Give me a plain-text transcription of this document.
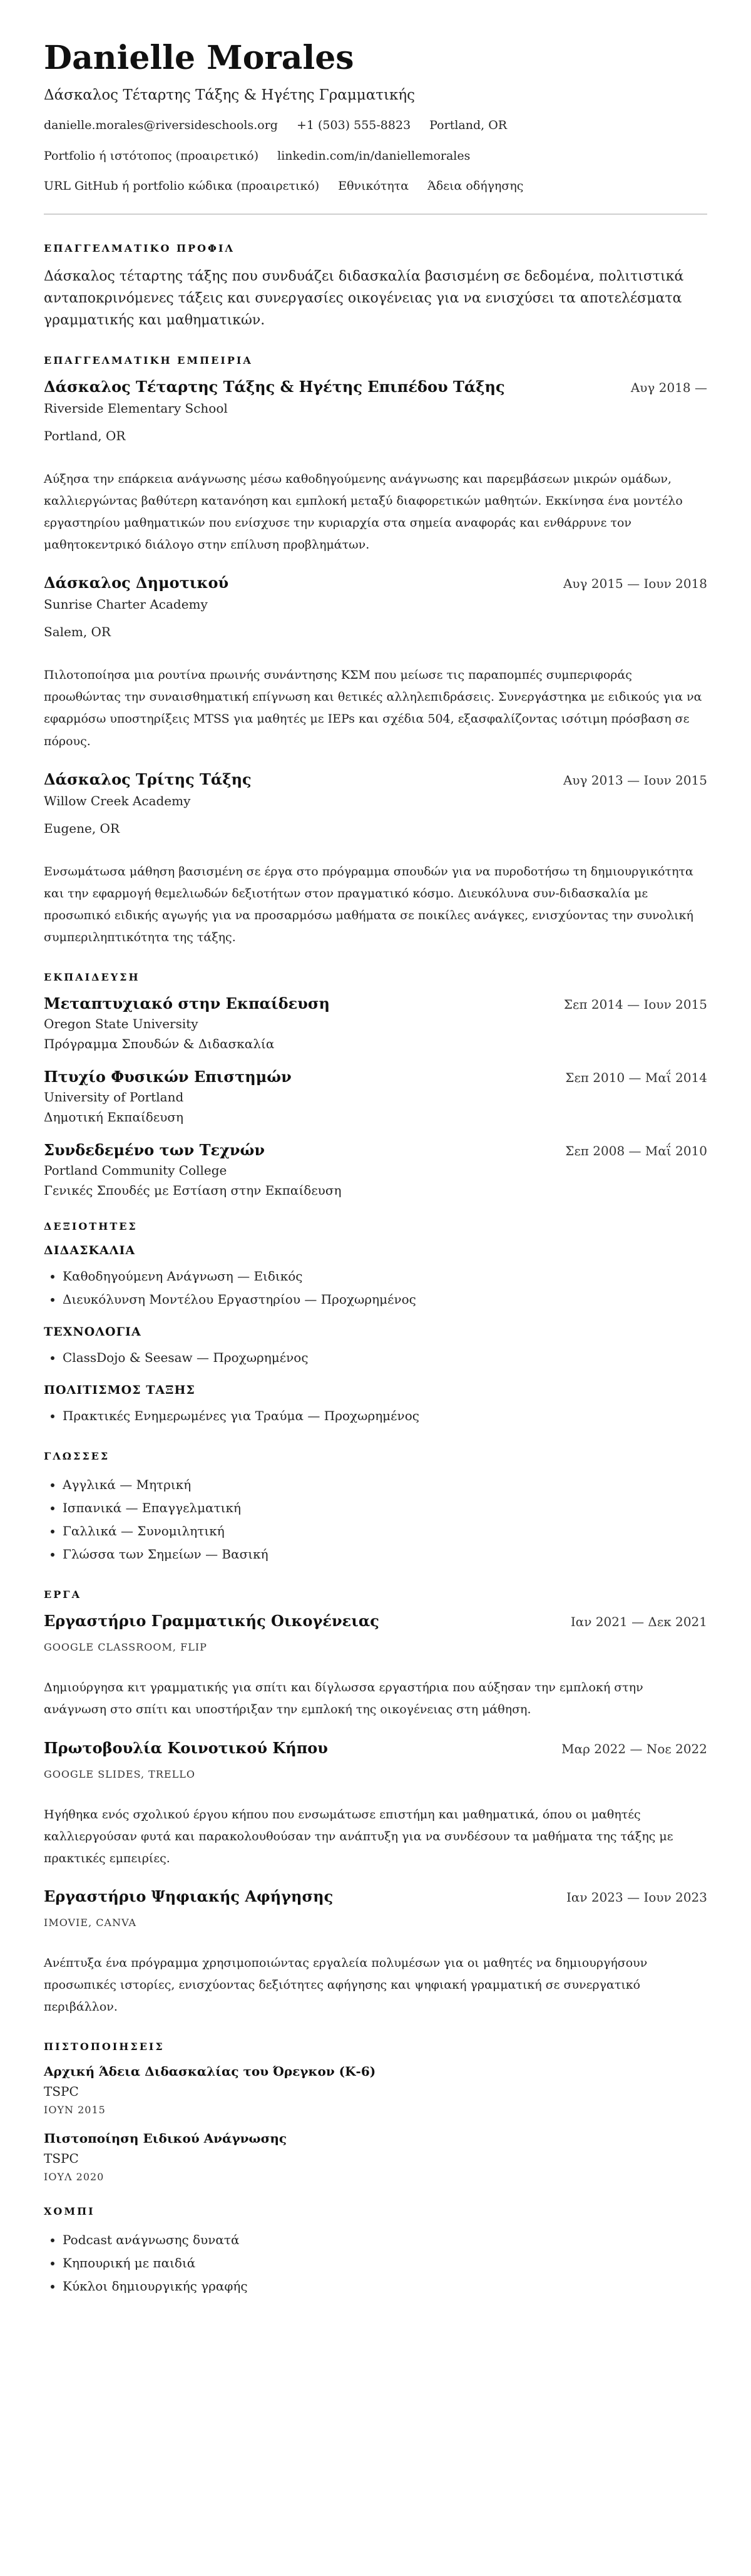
Danielle Morales
Δάσκαλος Τέταρτης Τάξης & Ηγέτης Γραμματικής
danielle.morales@riversideschools.org +1 (503) 555-8823 Portland, OR
Portfolio ή ιστότοπος (προαιρετικό) linkedin.com/in/daniellemorales
URL GitHub ή portfolio κώδικα (προαιρετικό) Εθνικότητα Άδεια οδήγησης
ΕΠΑΓΓΕΛΜΑΤΙΚΟ ΠΡΟΦΙΛ

Δάσκαλος τέταρτης τάξης που συνδυάζει διδασκαλία βασισμένη σε δεδομένα, πολιτιστικά ανταποκρινόμενες τάξεις και συνεργασίες οικογένειας για να ενισχύσει τα αποτελέσματα γραμματικής και μαθηματικών.

ΕΠΑΓΓΕΛΜΑΤΙΚΗ ΕΜΠΕΙΡΙΑ
Δάσκαλος Τέταρτης Τάξης & Ηγέτης Επιπέδου Τάξης	Αυγ 2018 —
Riverside Elementary School
Portland, OR

Αύξησα την επάρκεια ανάγνωσης μέσω καθοδηγούμενης ανάγνωσης και παρεμβάσεων μικρών ομάδων, καλλιεργώντας βαθύτερη κατανόηση και εμπλοκή μεταξύ διαφορετικών μαθητών. Εκκίνησα ένα μοντέλο εργαστηρίου μαθηματικών που ενίσχυσε την κυριαρχία στα σημεία αναφοράς και ενθάρρυνε τον μαθητοκεντρικό διάλογο στην επίλυση προβλημάτων.

Δάσκαλος Δημοτικού	Αυγ 2015 — Ιουν 2018
Sunrise Charter Academy
Salem, OR

Πιλοτοποίησα μια ρουτίνα πρωινής συνάντησης ΚΣΜ που μείωσε τις παραπομπές συμπεριφοράς προωθώντας την συναισθηματική επίγνωση και θετικές αλληλεπιδράσεις. Συνεργάστηκα με ειδικούς για να εφαρμόσω υποστηρίξεις MTSS για μαθητές με IEPs και σχέδια 504, εξασφαλίζοντας ισότιμη πρόσβαση σε πόρους.

Δάσκαλος Τρίτης Τάξης	Αυγ 2013 — Ιουν 2015
Willow Creek Academy
Eugene, OR

Ενσωμάτωσα μάθηση βασισμένη σε έργα στο πρόγραμμα σπουδών για να πυροδοτήσω τη δημιουργικότητα και την εφαρμογή θεμελιωδών δεξιοτήτων στον πραγματικό κόσμο. Διευκόλυνα συν-διδασκαλία με προσωπικό ειδικής αγωγής για να προσαρμόσω μαθήματα σε ποικίλες ανάγκες, ενισχύοντας την συνολική συμπεριληπτικότητα της τάξης.

ΕΚΠΑΙΔΕΥΣΗ
Μεταπτυχιακό στην Εκπαίδευση	Σεπ 2014 — Ιουν 2015
Oregon State University
Πρόγραμμα Σπουδών & Διδασκαλία
Πτυχίο Φυσικών Επιστημών	Σεπ 2010 — Μαΐ 2014
University of Portland
Δημοτική Εκπαίδευση
Συνδεδεμένο των Τεχνών	Σεπ 2008 — Μαΐ 2010
Portland Community College
Γενικές Σπουδές με Εστίαση στην Εκπαίδευση
ΔΕΞΙΟΤΗΤΕΣ
ΔΙΔΑΣΚΑΛΙΑ
• Καθοδηγούμενη Ανάγνωση — Ειδικός
• Διευκόλυνση Μοντέλου Εργαστηρίου — Προχωρημένος
ΤΕΧΝΟΛΟΓΙΑ
• ClassDojo & Seesaw — Προχωρημένος
ΠΟΛΙΤΙΣΜΟΣ ΤΑΞΗΣ
• Πρακτικές Ενημερωμένες για Τραύμα — Προχωρημένος
ΓΛΩΣΣΕΣ
• Αγγλικά — Μητρική
• Ισπανικά — Επαγγελματική
• Γαλλικά — Συνομιλητική
• Γλώσσα των Σημείων — Βασική
ΕΡΓΑ
Εργαστήριο Γραμματικής Οικογένειας	Ιαν 2021 — Δεκ 2021
GOOGLE CLASSROOM, FLIP

Δημιούργησα κιτ γραμματικής για σπίτι και δίγλωσσα εργαστήρια που αύξησαν την εμπλοκή στην ανάγνωση στο σπίτι και υποστήριξαν την εμπλοκή της οικογένειας στη μάθηση.

Πρωτοβουλία Κοινοτικού Κήπου	Μαρ 2022 — Νοε 2022
GOOGLE SLIDES, TRELLO

Ηγήθηκα ενός σχολικού έργου κήπου που ενσωμάτωσε επιστήμη και μαθηματικά, όπου οι μαθητές καλλιεργούσαν φυτά και παρακολουθούσαν την ανάπτυξη για να συνδέσουν τα μαθήματα της τάξης με πρακτικές εμπειρίες.

Εργαστήριο Ψηφιακής Αφήγησης	Ιαν 2023 — Ιουν 2023
IMOVIE, CANVA

Ανέπτυξα ένα πρόγραμμα χρησιμοποιώντας εργαλεία πολυμέσων για οι μαθητές να δημιουργήσουν προσωπικές ιστορίες, ενισχύοντας δεξιότητες αφήγησης και ψηφιακή γραμματική σε συνεργατικό περιβάλλον.

ΠΙΣΤΟΠΟΙΗΣΕΙΣ
Αρχική Άδεια Διδασκαλίας του Όρεγκον (Κ-6)
TSPC
ΙΟΥΝ 2015
Πιστοποίηση Ειδικού Ανάγνωσης
TSPC
ΙΟΥΛ 2020
ΧΟΜΠΙ
• Podcast ανάγνωσης δυνατά
• Κηπουρική με παιδιά
• Κύκλοι δημιουργικής γραφής
